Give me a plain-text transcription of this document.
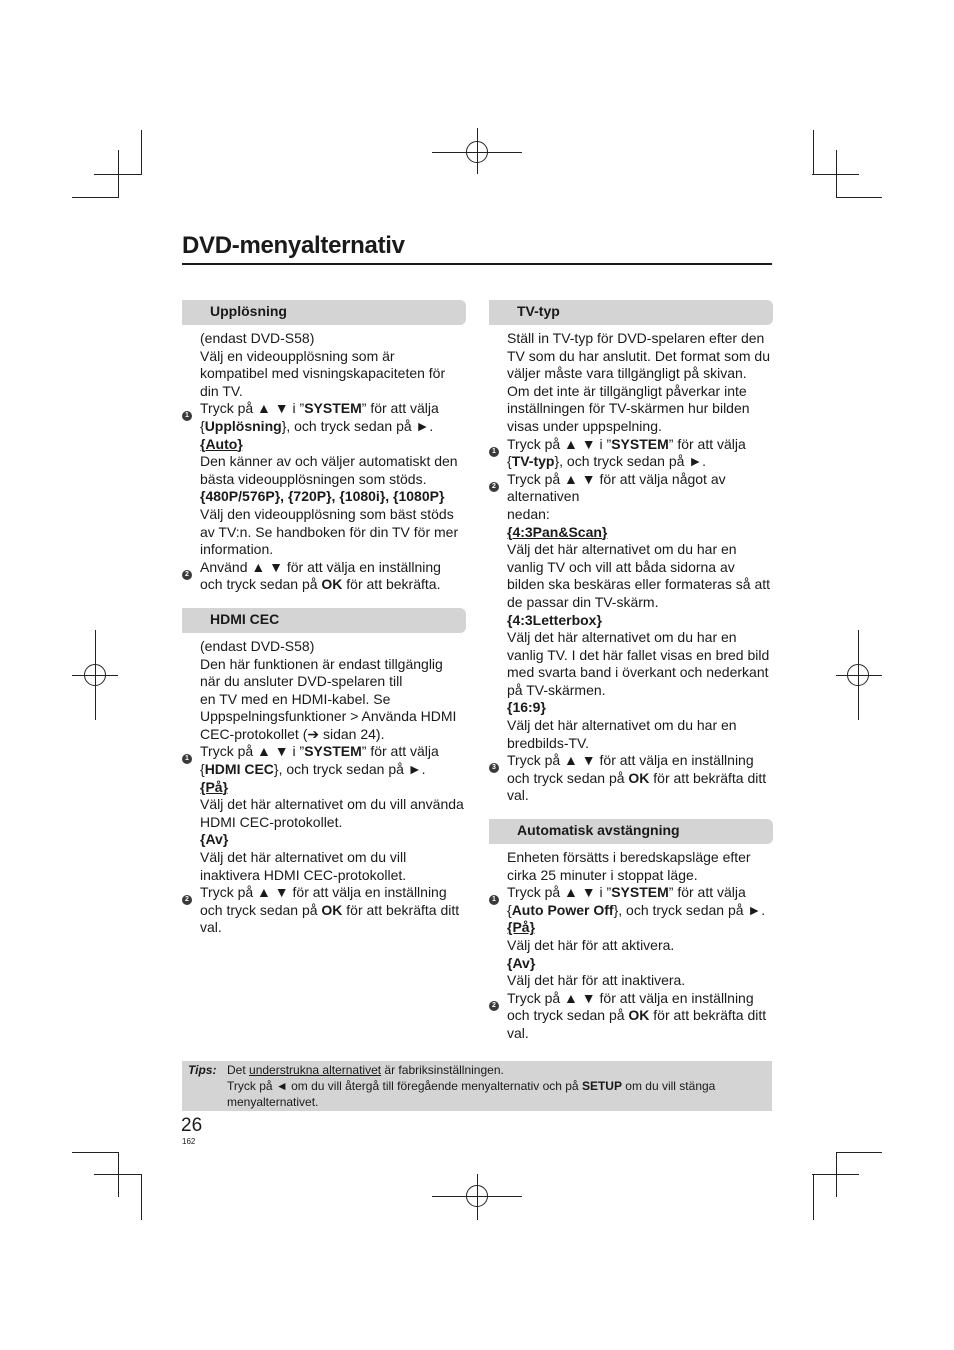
DVD-menyalternativ
Upplösning
(endast DVD-S58)
Välj en videoupplösning som är kompatibel med visningskapaciteten för din TV.
1 Tryck på ▲ ▼ i ”SYSTEM” för att välja {Upplösning}, och tryck sedan på ►.
{Auto}
Den känner av och väljer automatiskt den bästa videoupplösningen som stöds.
{480P/576P}, {720P}, {1080i}, {1080P}
Välj den videoupplösning som bäst stöds av TV:n. Se handboken för din TV för mer information.
2 Använd ▲ ▼ för att välja en inställning och tryck sedan på OK för att bekräfta.
HDMI CEC
(endast DVD-S58)
Den här funktionen är endast tillgänglig när du ansluter DVD-spelaren till
en TV med en HDMI-kabel. Se Uppspelningsfunktioner > Använda HDMI CEC-protokollet (➔ sidan 24).
1 Tryck på ▲ ▼ i ”SYSTEM” för att välja {HDMI CEC}, och tryck sedan på ►.
{På}
Välj det här alternativet om du vill använda HDMI CEC-protokollet.
{Av}
Välj det här alternativet om du vill inaktivera HDMI CEC-protokollet.
2 Tryck på ▲ ▼ för att välja en inställning och tryck sedan på OK för att bekräfta ditt val.
TV-typ
Ställ in TV-typ för DVD-spelaren efter den TV som du har anslutit. Det format som du väljer måste vara tillgängligt på skivan. Om det inte är tillgängligt påverkar inte inställningen för TV-skärmen hur bilden visas under uppspelning.
1 Tryck på ▲ ▼ i ”SYSTEM” för att välja {TV-typ}, och tryck sedan på ►.
2 Tryck på ▲ ▼ för att välja något av alternativen
nedan:
{4:3Pan&Scan}
Välj det här alternativet om du har en vanlig TV och vill att båda sidorna av bilden ska beskäras eller formateras så att de passar din TV-skärm.
{4:3Letterbox}
Välj det här alternativet om du har en vanlig TV. I det här fallet visas en bred bild med svarta band i överkant och nederkant på TV-skärmen.
{16:9}
Välj det här alternativet om du har en bredbilds-TV.
3 Tryck på ▲ ▼ för att välja en inställning och tryck sedan på OK för att bekräfta ditt val.
Automatisk avstängning
Enheten försätts i beredskapsläge efter cirka 25 minuter i stoppat läge.
1 Tryck på ▲ ▼ i ”SYSTEM” för att välja {Auto Power Off}, och tryck sedan på ►.
{På}
Välj det här för att aktivera.
{Av}
Välj det här för att inaktivera.
2 Tryck på ▲ ▼ för att välja en inställning och tryck sedan på OK för att bekräfta ditt val.
Tips: Det understrukna alternativet är fabriksinställningen.
Tryck på ◄ om du vill återgå till föregående menyalternativ och på SETUP om du vill stänga menyalternativet.
26
162
